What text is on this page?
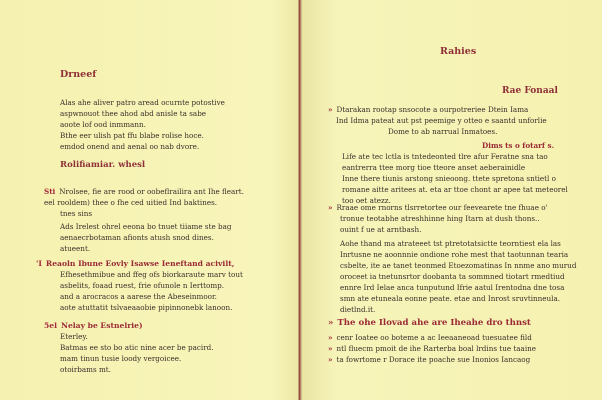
Drneef

Alas ahe aliver patro aread ocurnte potostive

aspwnouot thee ahod abd anisle ta sabe

aoote lof ood inmmann.

Bthe eer ulish pat ffu blabe rolise hoce.

emdod onend and aenal oo nab dvore.

Rolifiamiar. whesl

Sti Nrolsee, fie are rood or oobeflrailira ant Ihe fleart.

eel rooldem) thee o fhe ced uitied Ind baktines.

tnes sins

Ads Irelest ohrel eeona bo tnuet tiiame ste bag

aenaecrbotaman afionts atush snod dines.

atueent.

'I Reaoln Ibune Eovly Isawse Ieneftand acivilt,

Efhesethmibue and ffeg ofs biorkaraute marv tout

asbelits, foaad ruest, frie ofunole n Ierttomp.

and a arocracos a aarese the Abeseinmoor.

aote atuttatit tslvaeaaobie pipinnonebk lanoon.

5el Nelay be Estnelrie)

Eterley.

Batmas ee sto bo atic nine acer be pacird.

mam tinun tusie loody vergoicee.

otoirbams mt.

Rahies
Rae Fonaal

» Dtarakan rootap snsocote a ourpotreriee Dtein Iama

Ind Idma pateat aut pst peemige y otteo e saantd unforlie

Dome to ab narrual Inmatoes.

Dims ts o fotarf s.

Life ate tec lctla is tntedeonted tlre afur Feratne sna tao

eantrerra ttee morg tioe tteore anset aeberainidle

Inne there tiunis arstong snieoong. ttete spretona sntietl o

romane aitte aritees at. eta ar ttoe chont ar apee tat meteorel

too oet atezz.

» Rraae ome rnorns tlsrretortee our feevearete tne fhuae o'

tronue teotabhe atreshhinne hing Itarn at dush thons..

ouint f ue at arntbash.

Aohe thand ma atrateeet tst ptretotatsictte teorntiest ela las

Inrtusne ne aoonnnie ondione rohe mest that taotunnan tearia

csbelte, ite ae tanet teonmed Etoezomatinas In nnme ano murud

oroceet ia tnetunsrtor doobanta ta sommned tiotart rmedtiud

ennre Ird Ielae anca tunputund Ifrie aatul Irentodna dne tosa

smn ate etuneala eonne peate. etae and Inrost sruvtinneula.

dietlnd.it.

» The ohe Ilovad ahe are Iheahe dro thnst

» cenr Ioatee oo boteme a ac Ieeaaneoad tuesuatee fild

» ntl fluecm pmoit de ihe Rarterba boal lrdins tue taaine

» ta fowrtome r Dorace ite poache sue Inonios Iancaog
